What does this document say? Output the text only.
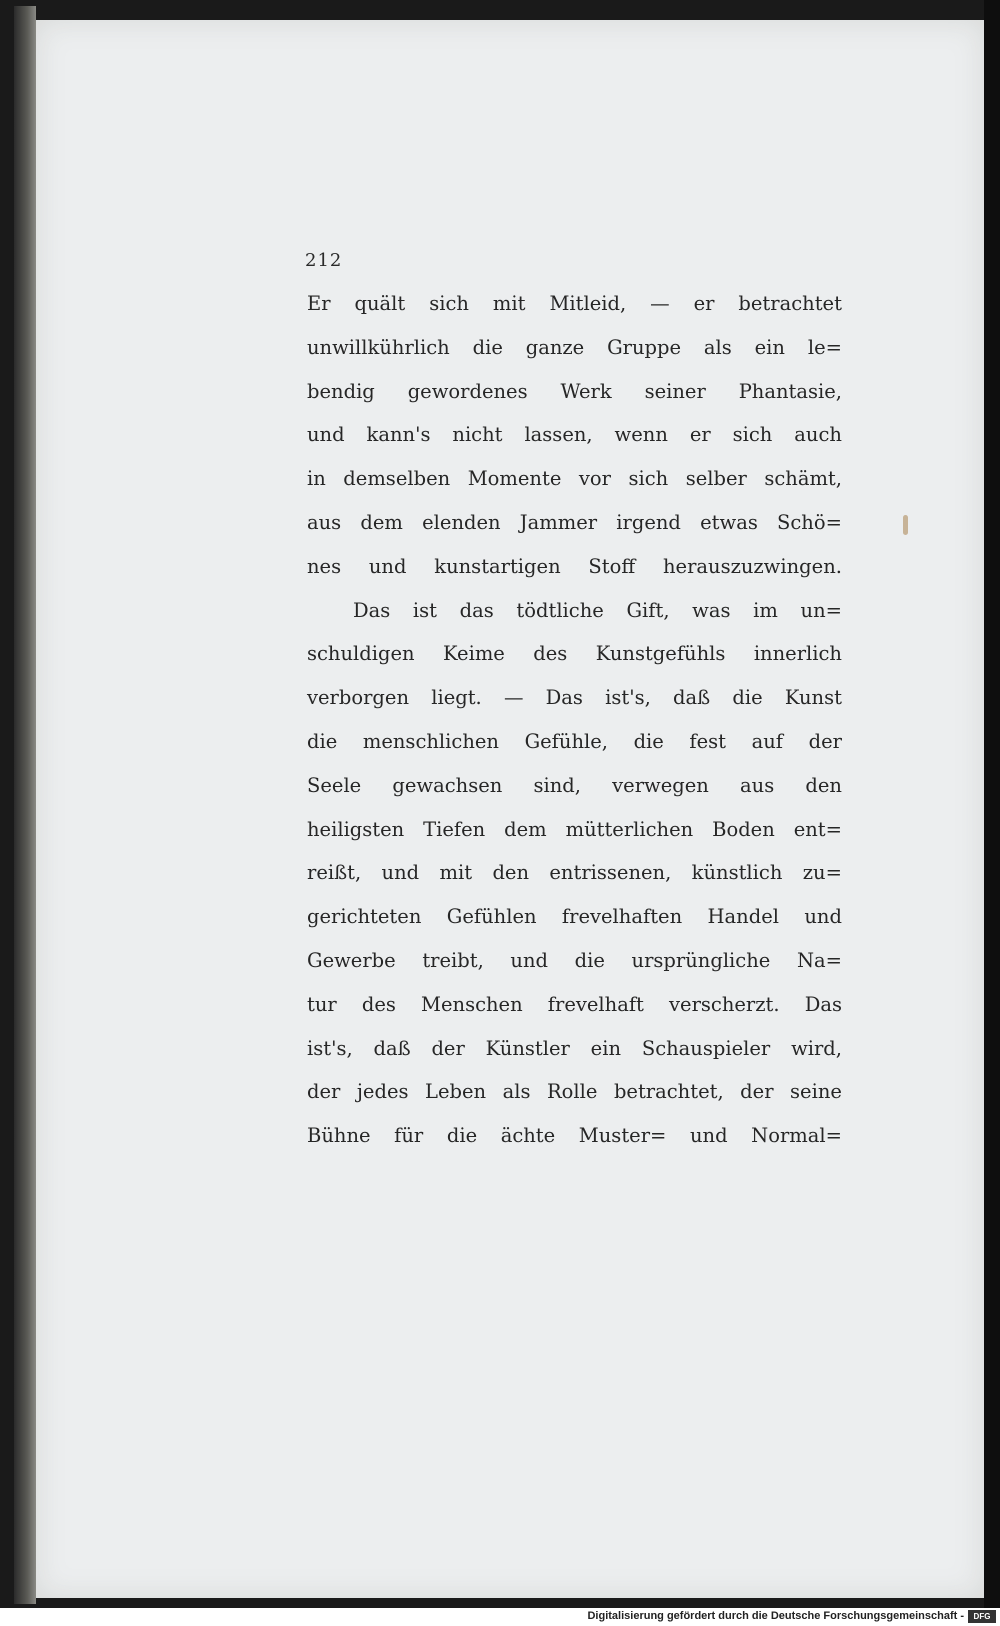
212
Er quält sich mit Mitleid, — er betrachtet
unwillkührlich die ganze Gruppe als ein le=
bendig gewordenes Werk seiner Phantasie,
und kann's nicht lassen, wenn er sich auch
in demselben Momente vor sich selber schämt,
aus dem elenden Jammer irgend etwas Schö=
nes und kunstartigen Stoff herauszuzwingen.
Das ist das tödtliche Gift, was im un=
schuldigen Keime des Kunstgefühls innerlich
verborgen liegt. — Das ist's, daß die Kunst
die menschlichen Gefühle, die fest auf der
Seele gewachsen sind, verwegen aus den
heiligsten Tiefen dem mütterlichen Boden ent=
reißt, und mit den entrissenen, künstlich zu=
gerichteten Gefühlen frevelhaften Handel und
Gewerbe treibt, und die ursprüngliche Na=
tur des Menschen frevelhaft verscherzt. Das
ist's, daß der Künstler ein Schauspieler wird,
der jedes Leben als Rolle betrachtet, der seine
Bühne für die ächte Muster= und Normal=
Digitalisierung gefördert durch die Deutsche Forschungsgemeinschaft -	DFG
